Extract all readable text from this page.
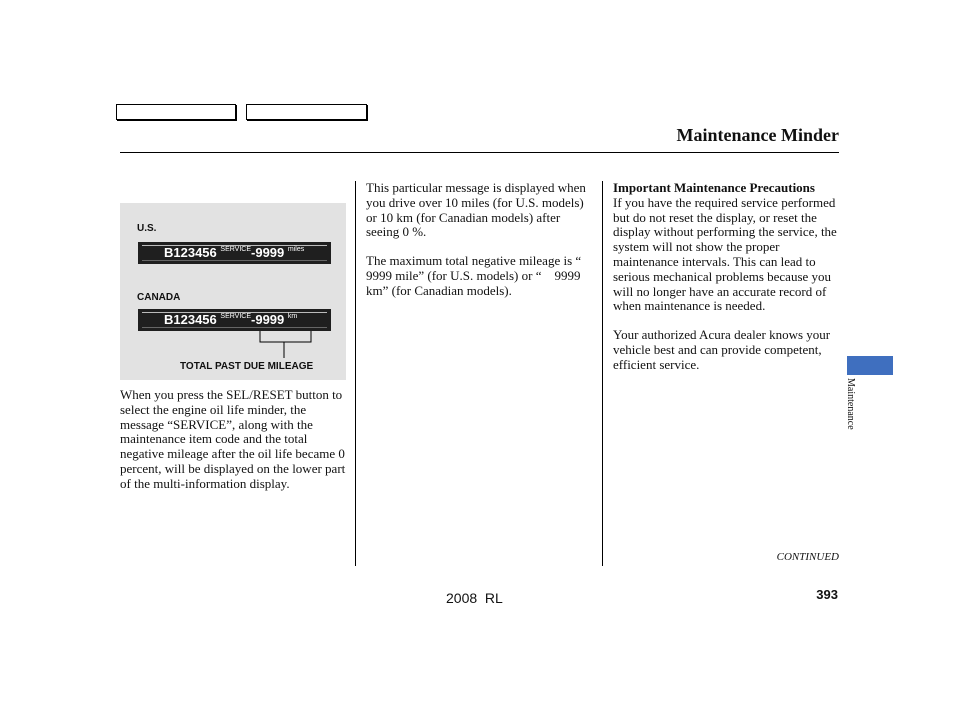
Maintenance Minder
U.S.
B123456 $^{SERVICE}$-9999 $^{miles}$
CANADA
B123456 $^{SERVICE}$-9999 $^{km}$
TOTAL PAST DUE MILEAGE

When you press the SEL/RESET button to select the engine oil life minder, the message “SERVICE”, along with the maintenance item code and the total negative mileage after the oil life became 0 percent, will be displayed on the lower part of the multi-information display.

This particular message is displayed when you drive over 10 miles (for U.S. models) or 10 km (for Canadian models) after seeing 0 %.

The maximum total negative mileage is “    9999 mile” (for U.S. models) or “    9999 km” (for Canadian models).

Important Maintenance Precautions

If you have the required service performed but do not reset the display, or reset the display without performing the service, the system will not show the proper maintenance intervals. This can lead to serious mechanical problems because you will no longer have an accurate record of when maintenance is needed.

Your authorized Acura dealer knows your vehicle best and can provide competent, efficient service.

Maintenance
CONTINUED
2008  RL	393
